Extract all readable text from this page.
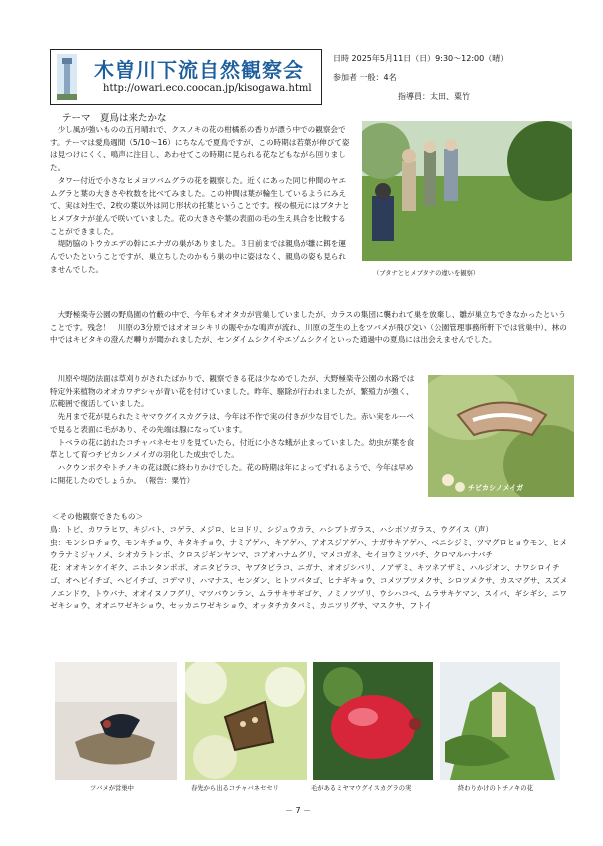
木曽川下流自然観察会
http://owari.eco.coocan.jp/kisogawa.html
日時 2025年5月11日（日）9:30～12:00（晴）
参加者 一般：4名
指導員：太田、粟竹
テーマ　夏鳥は来たかな

少し風が強いものの五月晴れで、クスノキの花の柑橘系の香りが漂う中での観察会です。テーマは愛鳥週間（5/10～16）にちなんで夏鳥ですが、この時期は若葉が伸びて姿は見つけにくく、鳴声に注目し、あわせてこの時期に見られる花などもながら回りました。

タワー付近で小さなヒメヨツバムグラの花を観察した。近くにあった同じ仲間のヤエムグラと葉の大きさや枚数を比べてみました。この仲間は葉が輪生しているようにみえて、実は対生で、2枚の葉以外は同じ形状の托葉ということです。桜の根元にはブタナとヒメブタナが並んで咲いていました。花の大きさや葉の表面の毛の生え具合を比較することができました。

堤防脇のトウカエデの幹にエナガの巣がありました。３日前までは親鳥が雛に餌を運んでいたということですが、巣立ちしたのかもう巣の中に姿はなく、親鳥の姿も見られませんでした。	（ブタナとヒメブタナの違いを観察）

大野極楽寺公園の野鳥園の竹藪の中で、今年もオオタカが営巣していましたが、カラスの集団に襲われて巣を放棄し、雛が巣立ちできなかったということです。残念！　川原の3分原ではオオヨシキリの賑やかな鳴声が流れ、川原の芝生の上をツバメが飛び交い（公園管理事務所軒下では営巣中）、林の中ではキビタキの澄んだ囀りが聞かれましたが、センダイムシクイやエゾムシクイといった通過中の夏鳥には出会えませんでした。

川原や堤防法面は草刈りがされたばかりで、観察できる花は少なめでしたが、大野極楽寺公園の水路では特定外来植物のオオカワヂシャが青い花を付けていました。昨年、駆除が行われましたが、繁殖力が強く、広範囲で復活していました。

先月まで花が見られたミヤマウグイスカグラは、今年は不作で実の付きが少な目でした。赤い実をルーペで見ると表面に毛があり、その先端は腺になっています。

トベラの花に訪れたコチャバネセセリを見ていたら、付近に小さな蛾が止まっていました。幼虫が葉を食草として育つチビカシノメイガの羽化した成虫でした。

ハクウンボクやトチノキの花は既に終わりかけでした。花の時期は年によってずれるようで、今年は早めに開花したのでしょうか。　（報告：粟竹）

チビカシノメイガ
＜その他観察できたもの＞
鳥：トビ、カワラヒワ、キジバト、コゲラ、メジロ、ヒヨドリ、シジュウカラ、ハシブトガラス、ハシボソガラス、ウグイス（声）
虫：モンシロチョウ、モンキチョウ、キタキチョウ、ナミアゲハ、キアゲハ、アオスジアゲハ、ナガサキアゲハ、ベニシジミ、ツマグロヒョウモン、ヒメウラナミジャノメ、シオカラトンボ、クロスジギンヤンマ、コアオハナムグリ、マメコガネ、セイヨウミツバチ、クロマルハナバチ
花：オオキンケイギク、ニホンタンポポ、オニタビラコ、ヤブタビラコ、ニガナ、オオジシバリ、ノアザミ、キツネアザミ、ハルジオン、ナワシロイチゴ、オヘビイチゴ、ヘビイチゴ、コデマリ、ハマナス、センダン、ヒトツバタゴ、ヒナギキョウ、コメツブツメクサ、シロツメクサ、カスマグサ、スズメノエンドウ、トウバナ、オオイヌノフグリ、マツバウンラン、ムラサキサギゴケ、ノミノツヅリ、ウシハコベ、ムラサキケマン、スイバ、ギシギシ、ニワゼキショウ、オオニワゼキショウ、セッカニワゼキショウ、オッタチカタバミ、カニツリグサ、マスクサ、フトイ
ツバメが営巣中	春先から出るコチャバネセセリ	毛があるミヤマウグイスカグラの実	終わりかけのトチノキの花
－ 7 －
